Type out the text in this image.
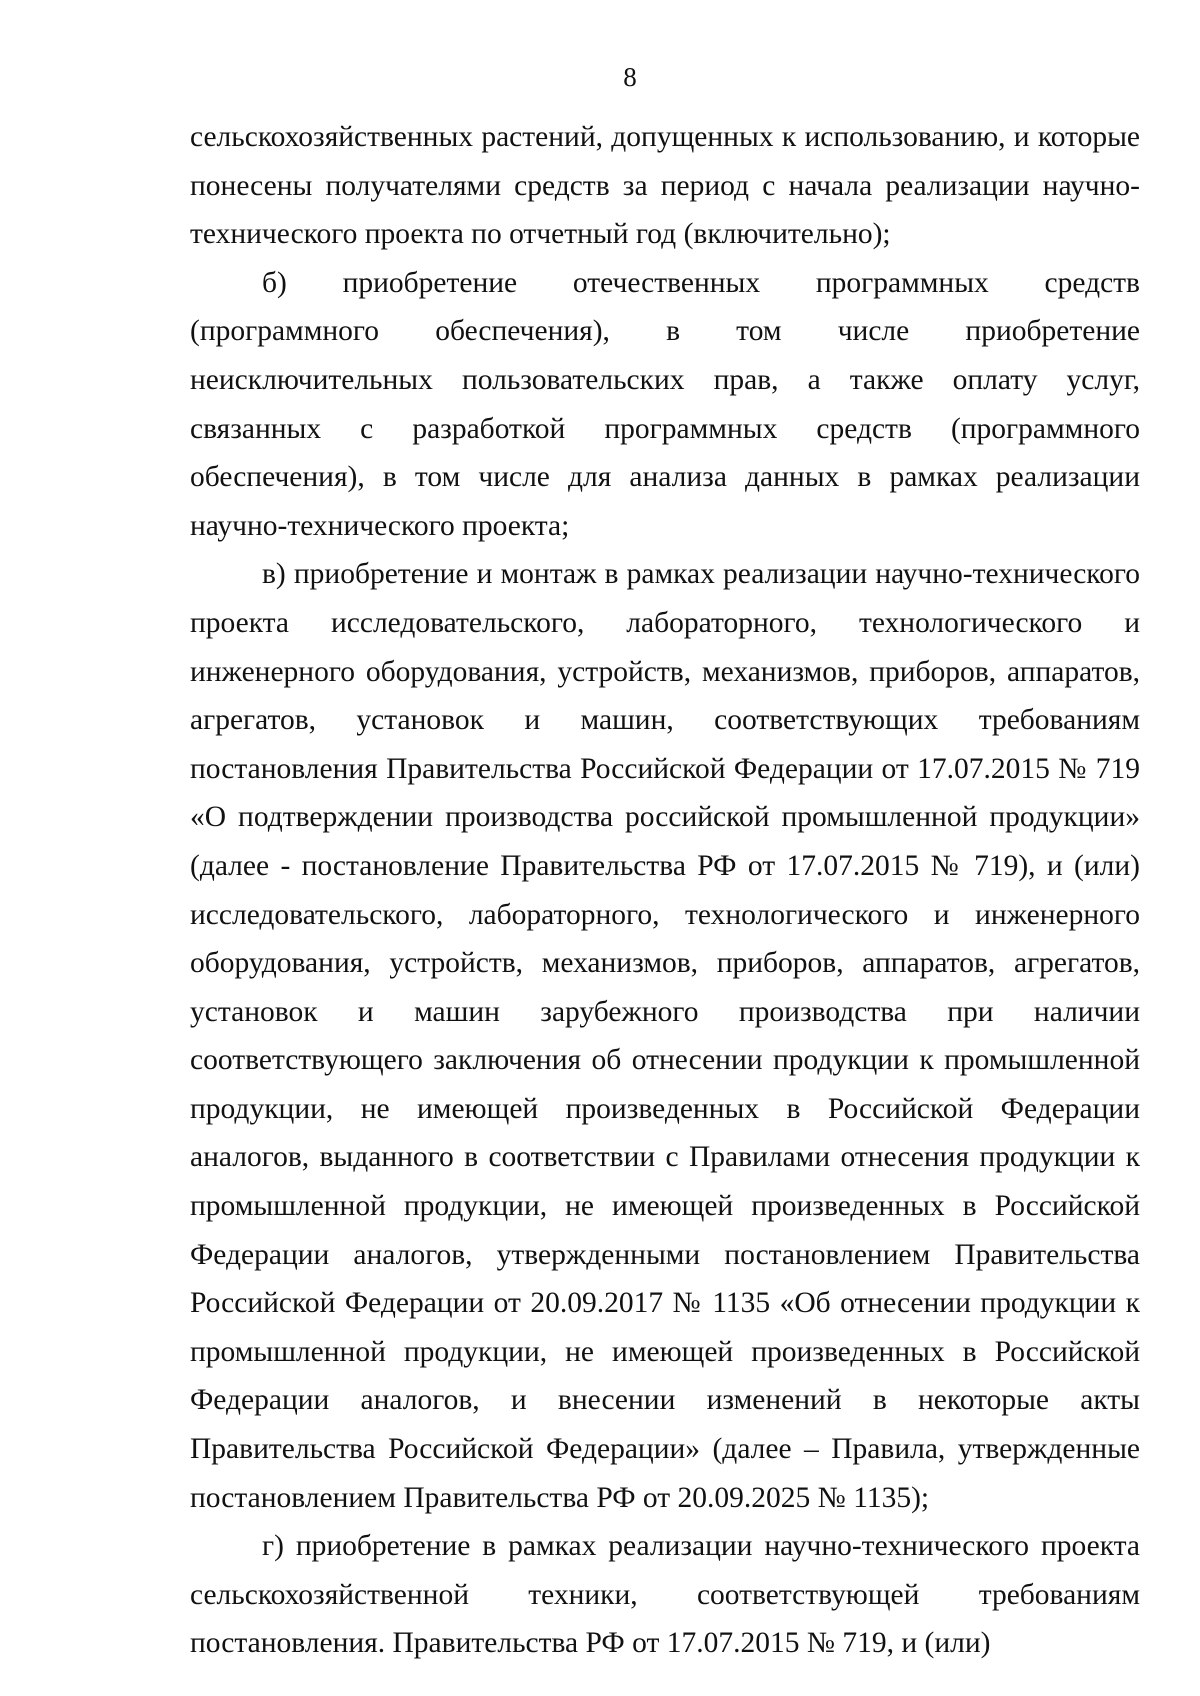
8

сельскохозяйственных растений, допущенных к использованию, и которые понесены получателями средств за период с начала реализации научно-технического проекта по отчетный год (включительно);

б) приобретение отечественных программных средств (программного обеспечения), в том числе приобретение неисключительных пользовательских прав, а также оплату услуг, связанных с разработкой программных средств (программного обеспечения), в том числе для анализа данных в рамках реализации научно-технического проекта;

в) приобретение и монтаж в рамках реализации научно-технического проекта исследовательского, лабораторного, технологического и инженерного оборудования, устройств, механизмов, приборов, аппаратов, агрегатов, установок и машин, соответствующих требованиям постановления Правительства Российской Федерации от 17.07.2015 № 719 «О подтверждении производства российской промышленной продукции» (далее - постановление Правительства РФ от 17.07.2015 № 719), и (или) исследовательского, лабораторного, технологического и инженерного оборудования, устройств, механизмов, приборов, аппаратов, агрегатов, установок и машин зарубежного производства при наличии соответствующего заключения об отнесении продукции к промышленной продукции, не имеющей произведенных в Российской Федерации аналогов, выданного в соответствии с Правилами отнесения продукции к промышленной продукции, не имеющей произведенных в Российской Федерации аналогов, утвержденными постановлением Правительства Российской Федерации от 20.09.2017 № 1135 «Об отнесении продукции к промышленной продукции, не имеющей произведенных в Российской Федерации аналогов, и внесении изменений в некоторые акты Правительства Российской Федерации» (далее – Правила, утвержденные постановлением Правительства РФ от 20.09.2025 № 1135);

г) приобретение в рамках реализации научно-технического проекта сельскохозяйственной техники, соответствующей требованиям постановления. Правительства РФ от 17.07.2015 № 719, и (или)
